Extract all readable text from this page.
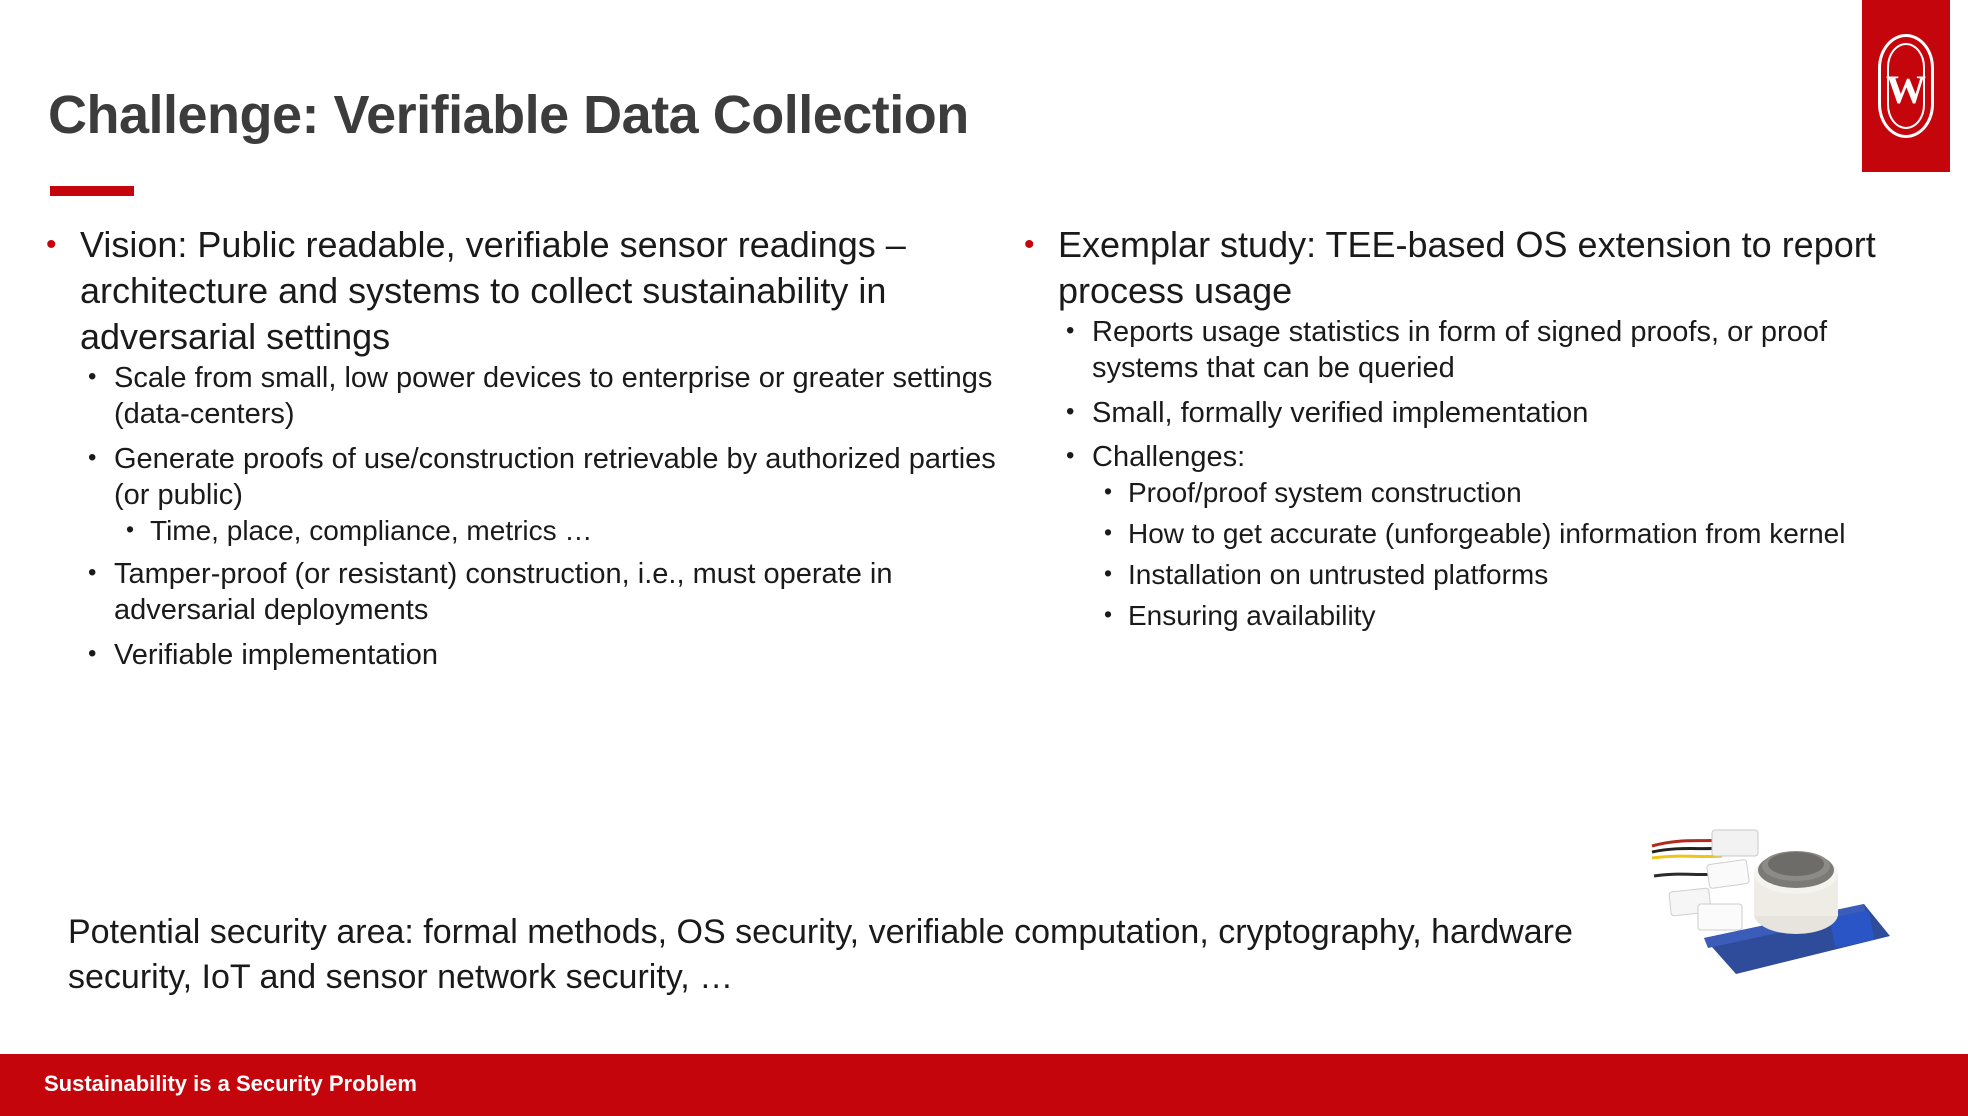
W
Challenge: Verifiable Data Collection
• Vision: Public readable, verifiable sensor readings – architecture and systems to collect sustainability in adversarial settings
• Scale from small, low power devices to enterprise or greater settings (data-centers)
• Generate proofs of use/construction retrievable by authorized parties (or public)
• Time, place, compliance, metrics …
• Tamper-proof (or resistant) construction, i.e., must operate in adversarial deployments
• Verifiable implementation
• Exemplar study: TEE-based OS extension to report process usage
• Reports usage statistics in form of signed proofs, or proof systems that can be queried
• Small, formally verified implementation
• Challenges:
• Proof/proof system construction
• How to get accurate (unforgeable) information from kernel
• Installation on untrusted platforms
• Ensuring availability
Potential security area: formal methods, OS security, verifiable computation, cryptography, hardware security, IoT and sensor network security, …
Sustainability is a Security Problem
